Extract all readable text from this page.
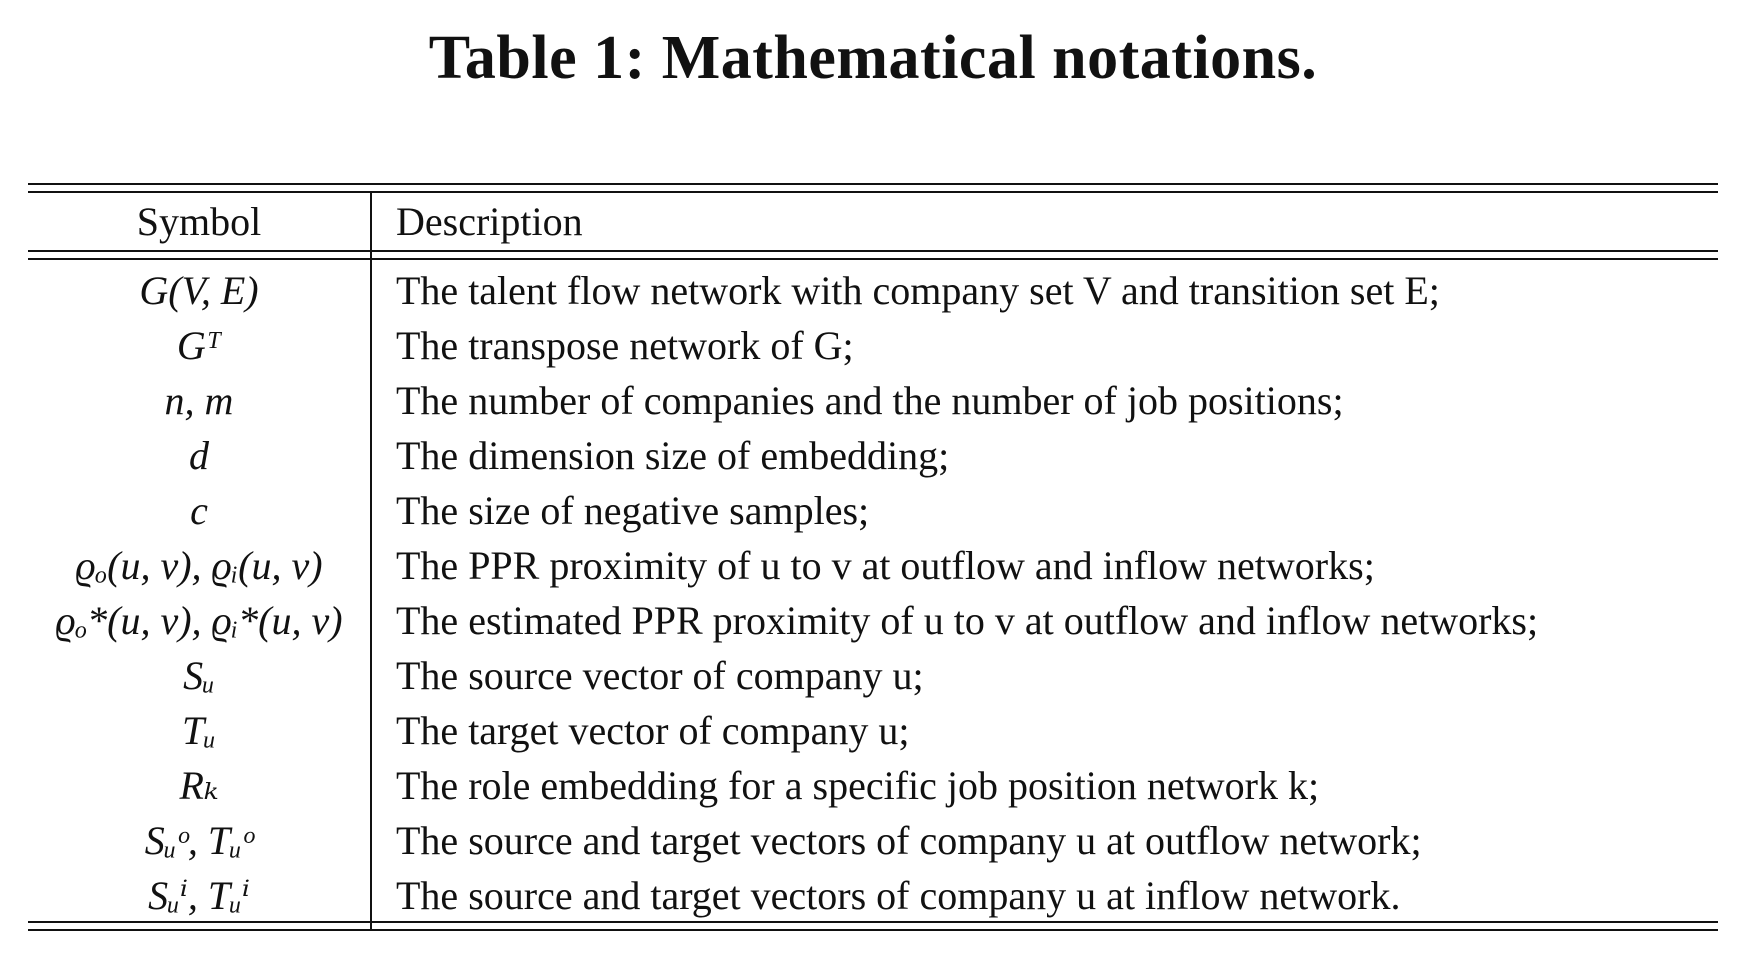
Table 1: Mathematical notations.
Symbol	Description
G(V, E)	The talent flow network with company set V and transition set E;
Gᵀ	The transpose network of G;
n, m	The number of companies and the number of job positions;
d	The dimension size of embedding;
c	The size of negative samples;
ϱₒ(u, v), ϱᵢ(u, v)	The PPR proximity of u to v at outflow and inflow networks;
ϱₒ*(u, v), ϱᵢ*(u, v)	The estimated PPR proximity of u to v at outflow and inflow networks;
Sᵤ	The source vector of company u;
Tᵤ	The target vector of company u;
Rₖ	The role embedding for a specific job position network k;
Sᵤᵒ, Tᵤᵒ	The source and target vectors of company u at outflow network;
Sᵤⁱ, Tᵤⁱ	The source and target vectors of company u at inflow network.
